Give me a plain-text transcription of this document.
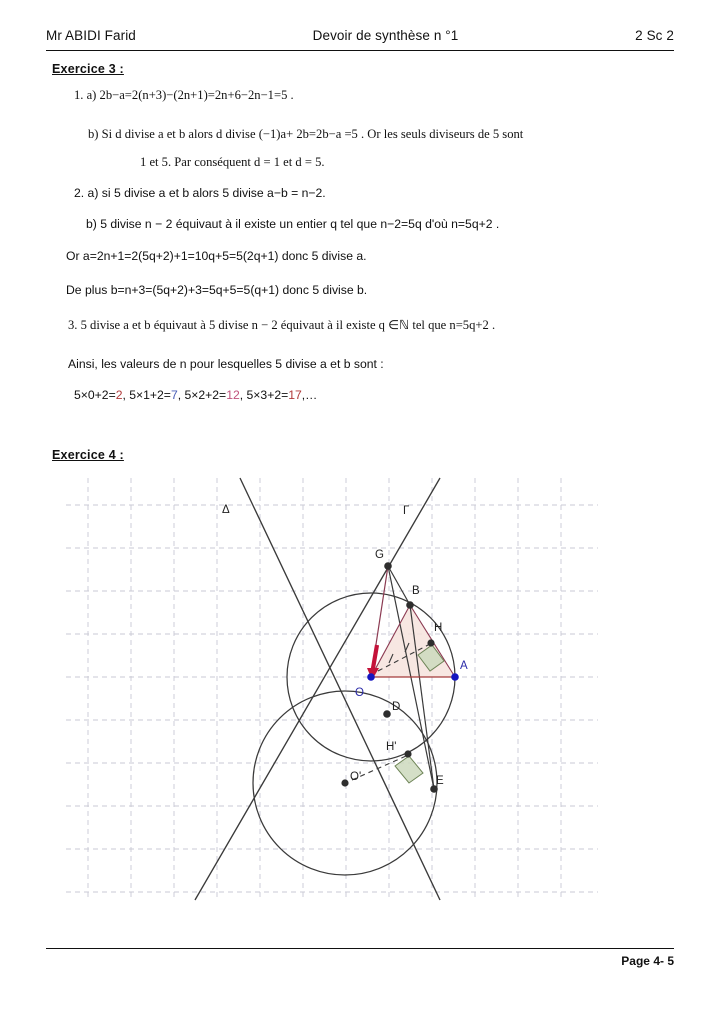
Mr ABIDI Farid	Devoir de synthèse n °1	2 Sc 2
Exercice 3 :
1. a) 2b−a=2(n+3)−(2n+1)=2n+6−2n−1=5 .
b) Si d divise a et b alors d divise (−1)a+ 2b=2b−a =5 . Or les seuls diviseurs de 5 sont
1 et 5. Par conséquent d = 1 et d = 5.
2. a) si 5 divise a et b alors 5 divise a−b = n−2.
b) 5 divise n − 2 équivaut à il existe un entier q tel que n−2=5q d'où n=5q+2 .
Or a=2n+1=2(5q+2)+1=10q+5=5(2q+1) donc 5 divise a.
De plus b=n+3=(5q+2)+3=5q+5=5(q+1) donc 5 divise b.
3. 5 divise a et b équivaut à 5 divise n − 2 équivaut à il existe q ∈ℕ tel que n=5q+2 .
Ainsi, les valeurs de n pour lesquelles 5 divise a et b sont :
5×0+2=2, 5×1+2=7, 5×2+2=12, 5×3+2=17,…
Exercice 4 :
Δ	Γ
G
B
H
A
O
D
H'
O'	E
Page 4- 5
